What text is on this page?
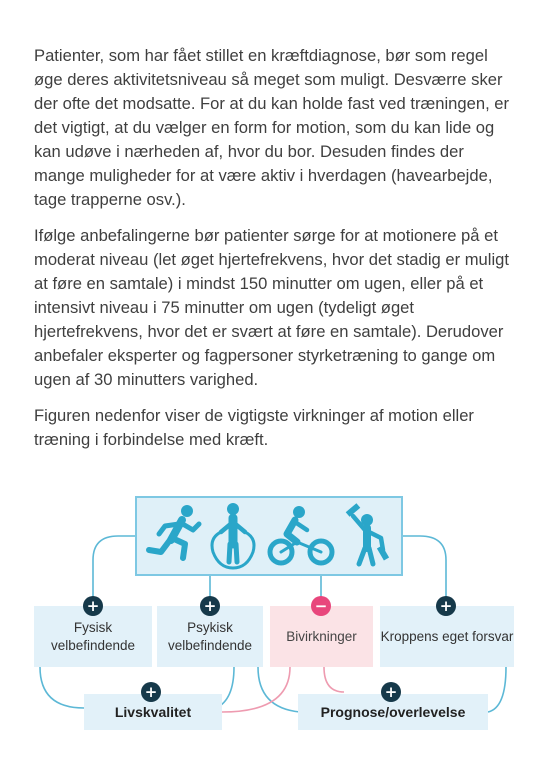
Patienter, som har fået stillet en kræftdiagnose, bør som regel øge deres aktivitetsniveau så meget som muligt. Desværre sker der ofte det modsatte. For at du kan holde fast ved træningen, er det vigtigt, at du vælger en form for motion, som du kan lide og kan udøve i nærheden af, hvor du bor. Desuden findes der mange muligheder for at være aktiv i hverdagen (havearbejde, tage trapperne osv.).

Ifølge anbefalingerne bør patienter sørge for at motionere på et moderat niveau (let øget hjertefrekvens, hvor det stadig er muligt at føre en samtale) i mindst 150 minutter om ugen, eller på et intensivt niveau i 75 minutter om ugen (tydeligt øget hjertefrekvens, hvor det er svært at føre en samtale). Derudover anbefaler eksperter og fagpersoner styrketræning to gange om ugen af 30 minutters varighed.

Figuren nedenfor viser de vigtigste virkninger af motion eller træning i forbindelse med kræft.

Fysisk velbefindende
Psykisk velbefindende
Bivirkninger Kroppens eget forsvar
Livskvalitet	Prognose/overlevelse
+	+	−	+
+	+
